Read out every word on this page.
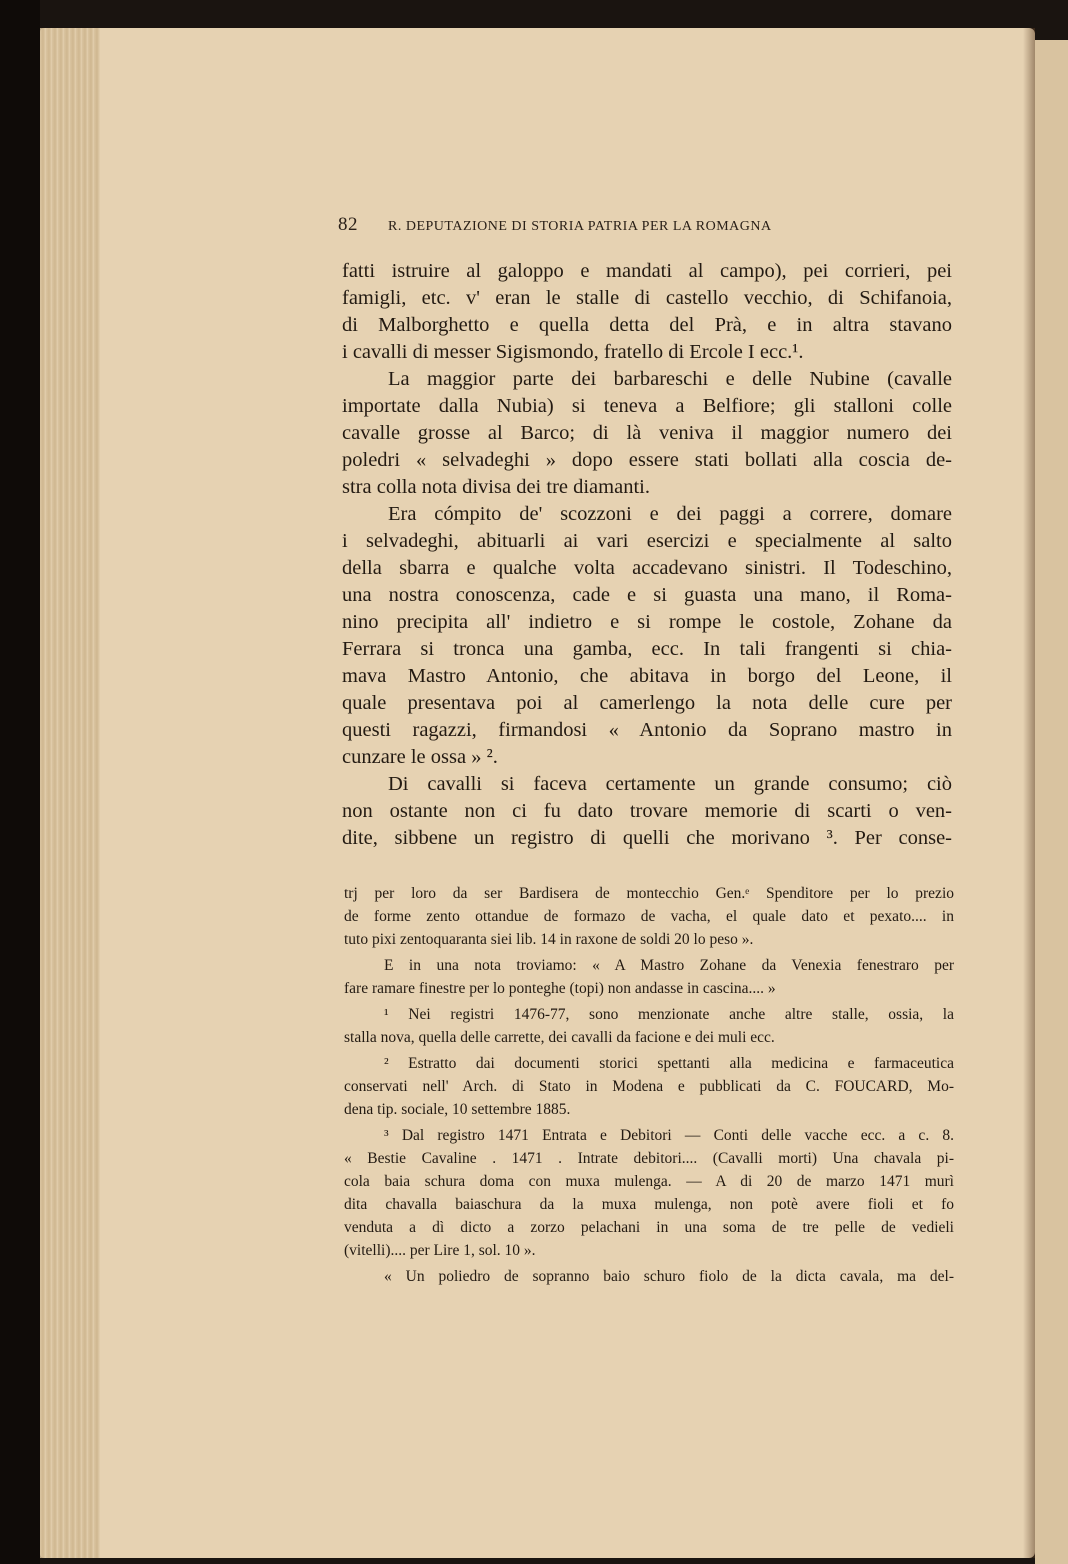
82 R. DEPUTAZIONE DI STORIA PATRIA PER LA ROMAGNA

fatti istruire al galoppo e mandati al campo), pei corrieri, pei
famigli, etc. v' eran le stalle di castello vecchio, di Schifanoia,
di Malborghetto e quella detta del Prà, e in altra stavano
i cavalli di messer Sigismondo, fratello di Ercole I ecc.¹.

La maggior parte dei barbareschi e delle Nubine (cavalle
importate dalla Nubia) si teneva a Belfiore; gli stalloni colle
cavalle grosse al Barco; di là veniva il maggior numero dei
poledri « selvadeghi » dopo essere stati bollati alla coscia de-
stra colla nota divisa dei tre diamanti.

Era cómpito de' scozzoni e dei paggi a correre, domare
i selvadeghi, abituarli ai vari esercizi e specialmente al salto
della sbarra e qualche volta accadevano sinistri. Il Todeschino,
una nostra conoscenza, cade e si guasta una mano, il Roma-
nino precipita all' indietro e si rompe le costole, Zohane da
Ferrara si tronca una gamba, ecc. In tali frangenti si chia-
mava Mastro Antonio, che abitava in borgo del Leone, il
quale presentava poi al camerlengo la nota delle cure per
questi ragazzi, firmandosi « Antonio da Soprano mastro in
cunzare le ossa » ².

Di cavalli si faceva certamente un grande consumo; ciò
non ostante non ci fu dato trovare memorie di scarti o ven-
dite, sibbene un registro di quelli che morivano ³. Per conse-

trj per loro da ser Bardisera de montecchio Gen.ᵉ Spenditore per lo prezio
de forme zento ottandue de formazo de vacha, el quale dato et pexato.... in
tuto pixi zentoquaranta siei lib. 14 in raxone de soldi 20 lo peso ».

E in una nota troviamo: « A Mastro Zohane da Venexia fenestraro per
fare ramare finestre per lo ponteghe (topi) non andasse in cascina.... »

¹ Nei registri 1476-77, sono menzionate anche altre stalle, ossia, la
stalla nova, quella delle carrette, dei cavalli da facione e dei muli ecc.

² Estratto dai documenti storici spettanti alla medicina e farmaceutica
conservati nell' Arch. di Stato in Modena e pubblicati da C. FOUCARD, Mo-
dena tip. sociale, 10 settembre 1885.

³ Dal registro 1471 Entrata e Debitori — Conti delle vacche ecc. a c. 8.
« Bestie Cavaline . 1471 . Intrate debitori.... (Cavalli morti) Una chavala pi-
cola baia schura doma con muxa mulenga. — A di 20 de marzo 1471 murì
dita chavalla baiaschura da la muxa mulenga, non potè avere fioli et fo
venduta a dì dicto a zorzo pelachani in una soma de tre pelle de vedieli
(vitelli).... per Lire 1, sol. 10 ».

« Un poliedro de sopranno baio schuro fiolo de la dicta cavala, ma del-
